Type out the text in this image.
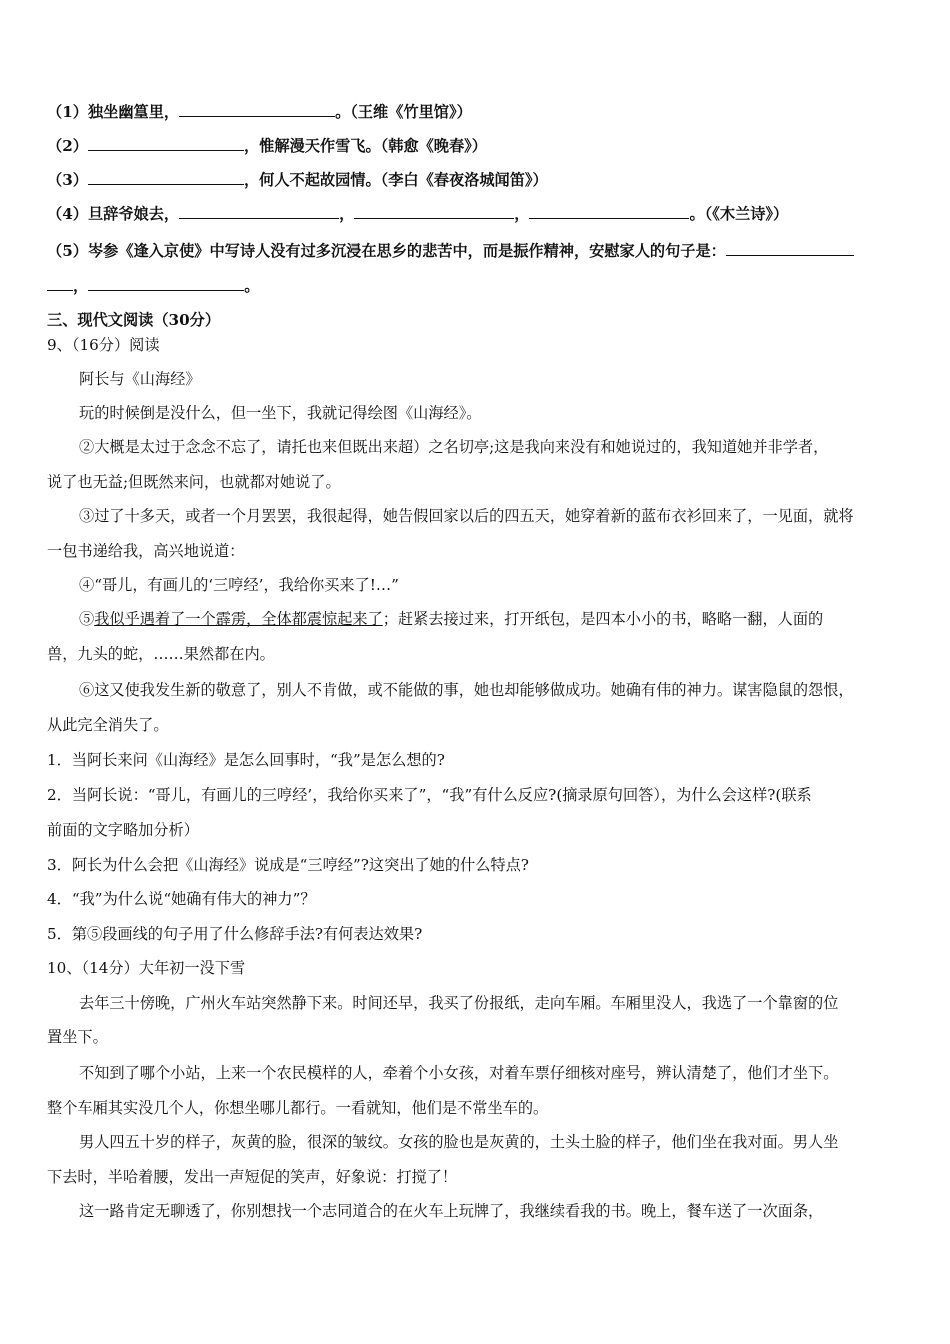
（1）独坐幽篁里，	。（王维《竹里馆》）
（2）	，惟解漫天作雪飞。（韩愈《晚春》）
（3）	，何人不起故园情。（李白《春夜洛城闻笛》）
（4）旦辞爷娘去，	，	，	。（《木兰诗》）
（5）岑参《逢入京使》中写诗人没有过多沉浸在思乡的悲苦中，而是振作精神，安慰家人的句子是：
，	。
三、现代文阅读（30分）
9、（16分）阅读
阿长与《山海经》
玩的时候倒是没什么，但一坐下，我就记得绘图《山海经》。
②大概是太过于念念不忘了，请托也来但既出来超）之名切亭;这是我向来没有和她说过的，我知道她并非学者，
说了也无益;但既然来问，也就都对她说了。
③过了十多天，或者一个月罢罢，我很起得，她告假回家以后的四五天，她穿着新的蓝布衣衫回来了，一见面，就将
一包书递给我，高兴地说道：
④“哥儿，有画儿的‘三哼经’，我给你买来了!…”
⑤我似乎遇着了一个霹雳，全体都震惊起来了；赶紧去接过来，打开纸包，是四本小小的书，略略一翻，人面的
兽，九头的蛇，……果然都在内。
⑥这又使我发生新的敬意了，别人不肯做，或不能做的事，她也却能够做成功。她确有伟的神力。谋害隐鼠的怨恨，
从此完全消失了。
1．当阿长来问《山海经》是怎么回事时，“我”是怎么想的?
2．当阿长说：“哥儿，有画儿的三哼经’，我给你买来了”，“我”有什么反应?(摘录原句回答），为什么会这样?(联系
前面的文字略加分析）
3．阿长为什么会把《山海经》说成是“三哼经”?这突出了她的什么特点?
4．“我”为什么说“她确有伟大的神力”？
5．第⑤段画线的句子用了什么修辞手法?有何表达效果?
10、（14分）大年初一没下雪
去年三十傍晚，广州火车站突然静下来。时间还早，我买了份报纸，走向车厢。车厢里没人，我选了一个靠窗的位
置坐下。
不知到了哪个小站，上来一个农民模样的人，牵着个小女孩，对着车票仔细核对座号，辨认清楚了，他们才坐下。
整个车厢其实没几个人，你想坐哪儿都行。一看就知，他们是不常坐车的。
男人四五十岁的样子，灰黄的脸，很深的皱纹。女孩的脸也是灰黄的，土头土脸的样子，他们坐在我对面。男人坐
下去时，半哈着腰，发出一声短促的笑声，好象说：打搅了！
这一路肯定无聊透了，你别想找一个志同道合的在火车上玩牌了，我继续看我的书。晚上，餐车送了一次面条，
